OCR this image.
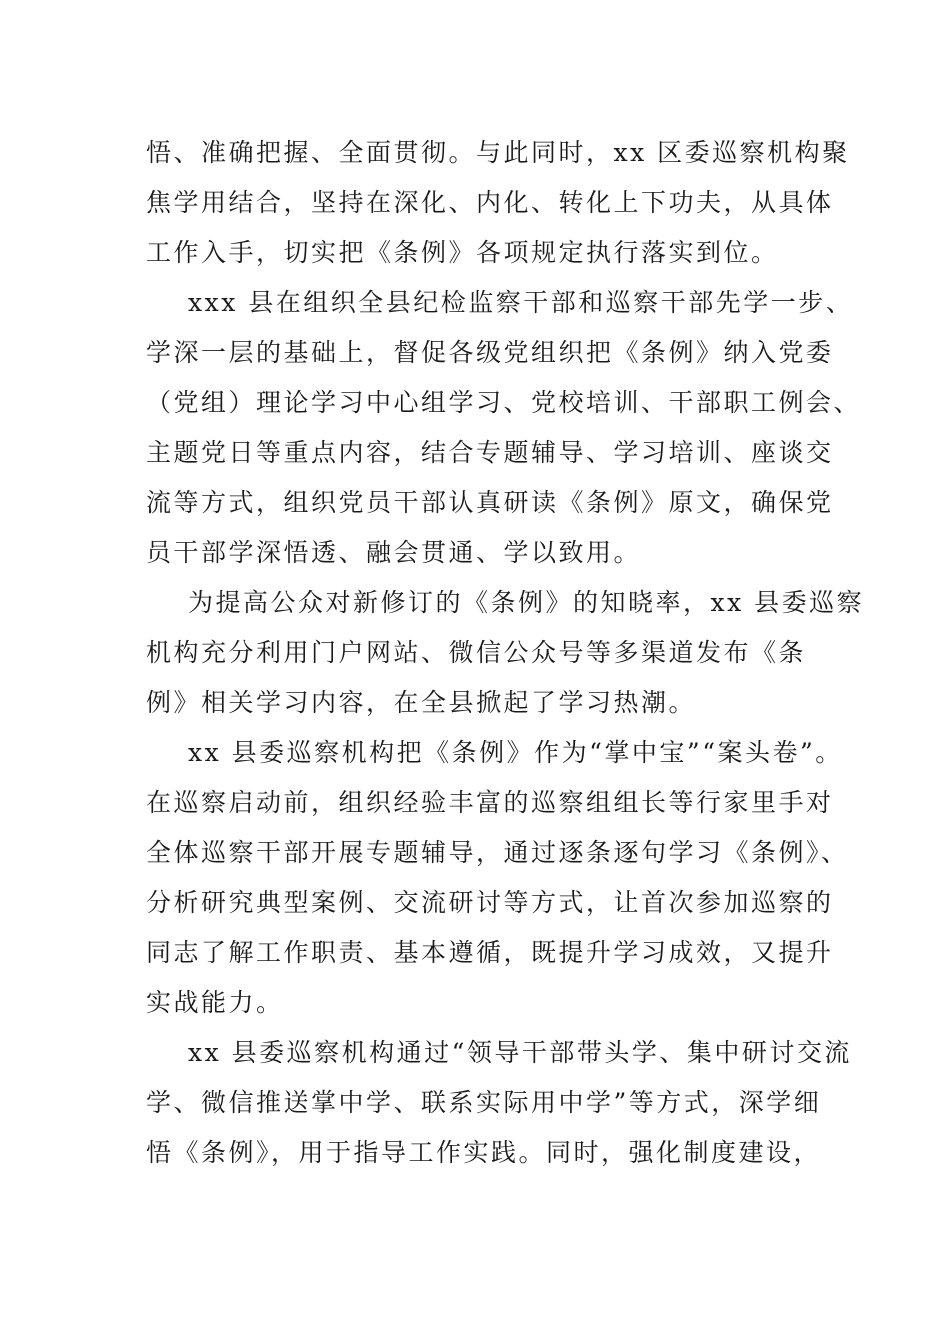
悟、准确把握、全面贯彻。与此同时，xx 区委巡察机构聚
焦学用结合，坚持在深化、内化、转化上下功夫，从具体
工作入手，切实把《条例》各项规定执行落实到位。
xxx 县在组织全县纪检监察干部和巡察干部先学一步、
学深一层的基础上，督促各级党组织把《条例》纳入党委
（党组）理论学习中心组学习、党校培训、干部职工例会、
主题党日等重点内容，结合专题辅导、学习培训、座谈交
流等方式，组织党员干部认真研读《条例》原文，确保党
员干部学深悟透、融会贯通、学以致用。
为提高公众对新修订的《条例》的知晓率，xx 县委巡察
机构充分利用门户网站、微信公众号等多渠道发布《条
例》相关学习内容，在全县掀起了学习热潮。
xx 县委巡察机构把《条例》作为“掌中宝”“案头卷”。
在巡察启动前，组织经验丰富的巡察组组长等行家里手对
全体巡察干部开展专题辅导，通过逐条逐句学习《条例》、
分析研究典型案例、交流研讨等方式，让首次参加巡察的
同志了解工作职责、基本遵循，既提升学习成效，又提升
实战能力。
xx 县委巡察机构通过“领导干部带头学、集中研讨交流
学、微信推送掌中学、联系实际用中学”等方式，深学细
悟《条例》，用于指导工作实践。同时，强化制度建设，
